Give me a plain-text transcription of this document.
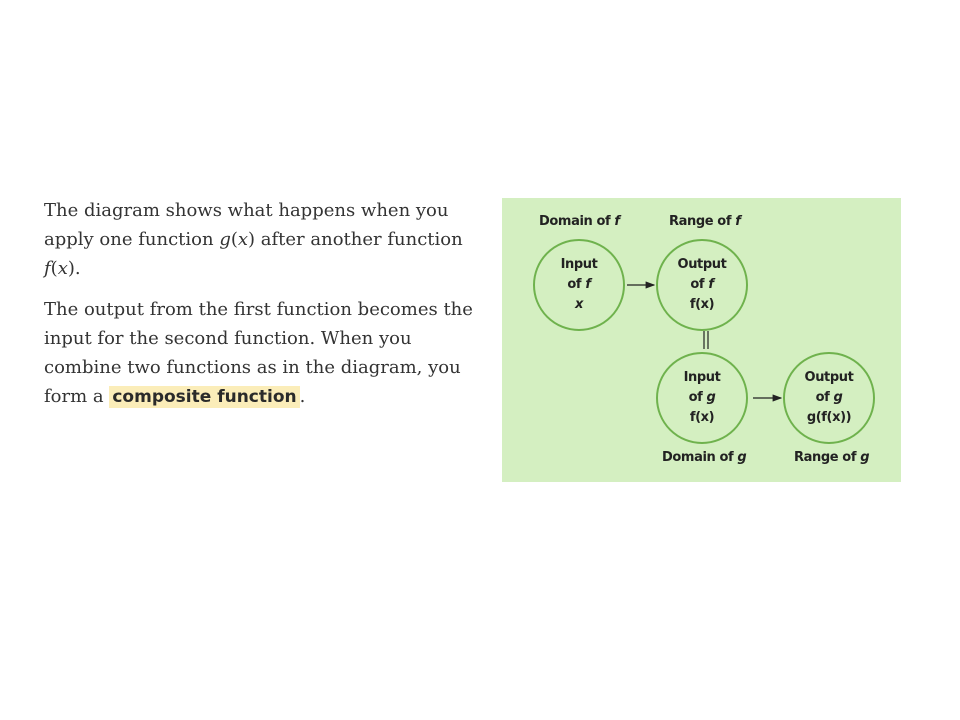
The diagram shows what happens when you apply one function g(x) after another function f(x).

The output from the first function becomes the input for the second function. When you combine two functions as in the diagram, you form a composite function .

Domain of f	Range of f
Input
of f
x
Output
of f
f(x)
Input
of g
f(x)
Output
of g
g(f(x))
Domain of g	Range of g
